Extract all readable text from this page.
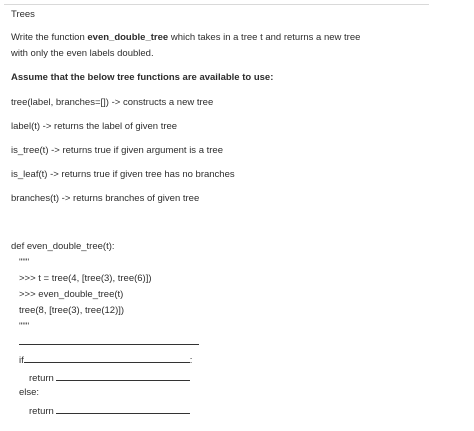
Trees
Write the function even_double_tree which takes in a tree t and returns a new tree
with only the even labels doubled.
Assume that the below tree functions are available to use:
tree(label, branches=[]) -> constructs a new tree
label(t) -> returns the label of given tree
is_tree(t) -> returns true if given argument is a tree
is_leaf(t) -> returns true if given tree has no branches
branches(t) -> returns branches of given tree
def even_double_tree(t):
"""
>>> t = tree(4, [tree(3), tree(6)])
>>> even_double_tree(t)
tree(8, [tree(3), tree(12)])
"""
if	:
return
else:
return
